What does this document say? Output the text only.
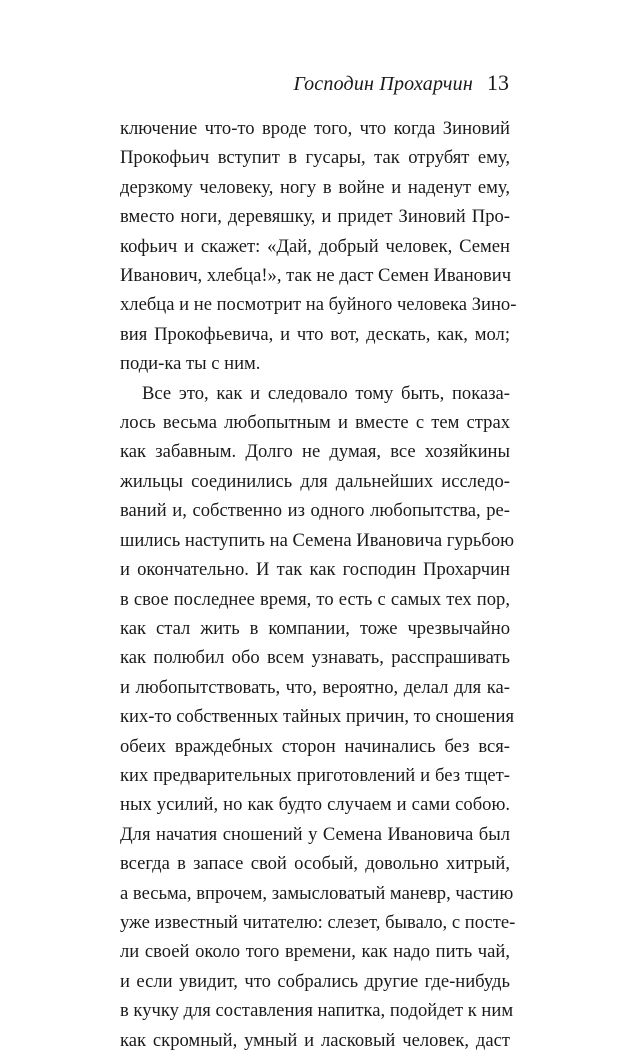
Господин Прохарчин 13
ключение что-то вроде того, что когда Зиновий
Прокофьич вступит в гусары, так отрубят ему,
дерзкому человеку, ногу в войне и наденут ему,
вместо ноги, деревяшку, и придет Зиновий Про-
кофьич и скажет: «Дай, добрый человек, Семен
Иванович, хлебца!», так не даст Семен Иванович
хлебца и не посмотрит на буйного человека Зино-
вия Прокофьевича, и что вот, дескать, как, мол;
поди-ка ты с ним.
Все это, как и следовало тому быть, показа-
лось весьма любопытным и вместе с тем страх
как забавным. Долго не думая, все хозяйкины
жильцы соединились для дальнейших исследо-
ваний и, собственно из одного любопытства, ре-
шились наступить на Семена Ивановича гурьбою
и окончательно. И так как господин Прохарчин
в свое последнее время, то есть с самых тех пор,
как стал жить в компании, тоже чрезвычайно
как полюбил обо всем узнавать, расспрашивать
и любопытствовать, что, вероятно, делал для ка-
ких-то собственных тайных причин, то сношения
обеих враждебных сторон начинались без вся-
ких предварительных приготовлений и без тщет-
ных усилий, но как будто случаем и сами собою.
Для начатия сношений у Семена Ивановича был
всегда в запасе свой особый, довольно хитрый,
а весьма, впрочем, замысловатый маневр, частию
уже известный читателю: слезет, бывало, с посте-
ли своей около того времени, как надо пить чай,
и если увидит, что собрались другие где-нибудь
в кучку для составления напитка, подойдет к ним
как скромный, умный и ласковый человек, даст
